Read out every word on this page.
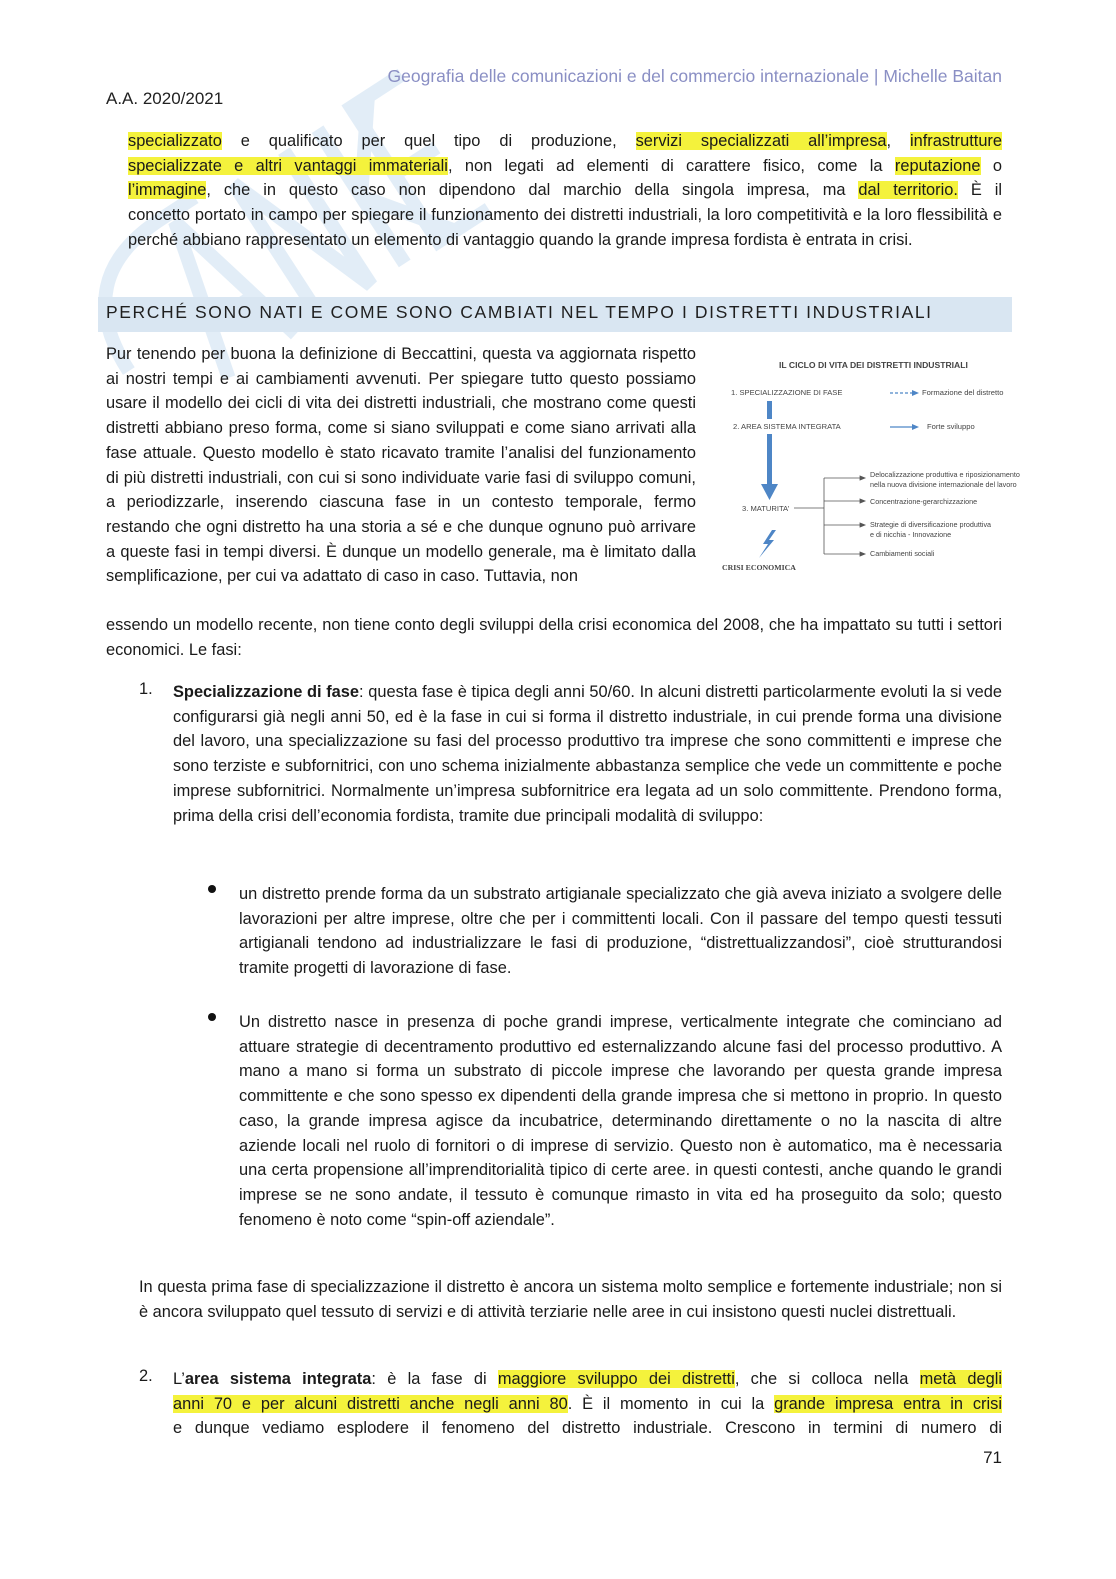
Geografia delle comunicazioni e del commercio internazionale | Michelle Baitan
A.A. 2020/2021
specializzato e qualificato per quel tipo di produzione, servizi specializzati all’impresa, infrastrutture
specializzate e altri vantaggi immateriali, non legati ad elementi di carattere fisico, come la reputazione o
l’immagine, che in questo caso non dipendono dal marchio della singola impresa, ma dal territorio. È il
concetto portato in campo per spiegare il funzionamento dei distretti industriali, la loro competitività e la loro flessibilità e perché abbiano rappresentato un elemento di vantaggio quando la grande impresa fordista è entrata in crisi.
PERCHÉ SONO NATI E COME SONO CAMBIATI NEL TEMPO I DISTRETTI INDUSTRIALI
Pur tenendo per buona la definizione di Beccattini, questa va aggiornata rispetto ai nostri tempi e ai cambiamenti avvenuti. Per spiegare tutto questo possiamo usare il modello dei cicli di vita dei distretti industriali, che mostrano come questi distretti abbiano preso forma, come si siano sviluppati e come siano arrivati alla fase attuale. Questo modello è stato ricavato tramite l’analisi del funzionamento di più distretti industriali, con cui si sono individuate varie fasi di sviluppo comuni, a periodizzarle, inserendo ciascuna fase in un contesto temporale, fermo restando che ogni distretto ha una storia a sé e che dunque ognuno può arrivare a queste fasi in tempi diversi. È dunque un modello generale, ma è limitato dalla semplificazione, per cui va adattato di caso in caso. Tuttavia, non
essendo un modello recente, non tiene conto degli sviluppi della crisi economica del 2008, che ha impattato su tutti i settori economici. Le fasi:
IL CICLO DI VITA DEI DISTRETTI INDUSTRIALI
1. SPECIALIZZAZIONE DI FASE	Formazione del distretto
2. AREA SISTEMA INTEGRATA	Forte sviluppo
3. MATURITA’
CRISI ECONOMICA
Delocalizzazione produttiva e riposizionamento
nella nuova divisione internazionale del lavoro
Concentrazione-gerarchizzazione
Strategie di diversificazione produttiva
e di nicchia - Innovazione
Cambiamenti sociali
1. Specializzazione di fase: questa fase è tipica degli anni 50/60. In alcuni distretti particolarmente evoluti la si vede configurarsi già negli anni 50, ed è la fase in cui si forma il distretto industriale, in cui prende forma una divisione del lavoro, una specializzazione su fasi del processo produttivo tra imprese che sono committenti e imprese che sono terziste e subfornitrici, con uno schema inizialmente abbastanza semplice che vede un committente e poche imprese subfornitrici. Normalmente un’impresa subfornitrice era legata ad un solo committente. Prendono forma, prima della crisi dell’economia fordista, tramite due principali modalità di sviluppo:
un distretto prende forma da un substrato artigianale specializzato che già aveva iniziato a svolgere delle lavorazioni per altre imprese, oltre che per i committenti locali. Con il passare del tempo questi tessuti artigianali tendono ad industrializzare le fasi di produzione, “distrettualizzandosi”, cioè strutturandosi tramite progetti di lavorazione di fase.
Un distretto nasce in presenza di poche grandi imprese, verticalmente integrate che cominciano ad attuare strategie di decentramento produttivo ed esternalizzando alcune fasi del processo produttivo. A mano a mano si forma un substrato di piccole imprese che lavorando per questa grande impresa committente e che sono spesso ex dipendenti della grande impresa che si mettono in proprio. In questo caso, la grande impresa agisce da incubatrice, determinando direttamente o no la nascita di altre aziende locali nel ruolo di fornitori o di imprese di servizio. Questo non è automatico, ma è necessaria una certa propensione all’imprenditorialità tipico di certe aree. in questi contesti, anche quando le grandi imprese se ne sono andate, il tessuto è comunque rimasto in vita ed ha proseguito da solo; questo fenomeno è noto come “spin-off aziendale”.
In questa prima fase di specializzazione il distretto è ancora un sistema molto semplice e fortemente industriale; non si è ancora sviluppato quel tessuto di servizi e di attività terziarie nelle aree in cui insistono questi nuclei distrettuali.
2. L’area sistema integrata: è la fase di maggiore sviluppo dei distretti, che si colloca nella metà degli
anni 70 e per alcuni distretti anche negli anni 80. È il momento in cui la grande impresa entra in crisi
e dunque vediamo esplodere il fenomeno del distretto industriale. Crescono in termini di numero di
71
